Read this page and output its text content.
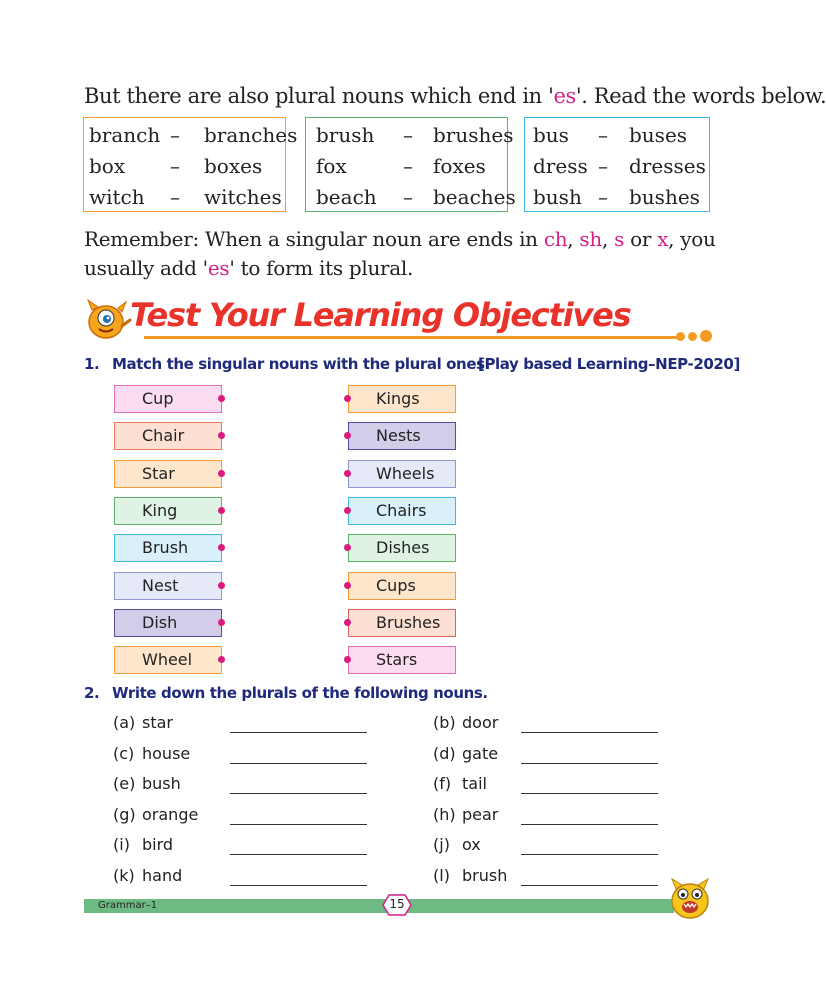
But there are also plural nouns which end in 'es'. Read the words below.
branch – branches
box – boxes
witch – witches
brush – brushes
fox	– foxes
beach – beaches
bus – buses
dress – dresses
bush – bushes
Remember: When a singular noun are ends in ch, sh, s or x, you usually add 'es' to form its plural.
Test Your Learning Objectives
1. Match the singular nouns with the plural ones.
[Play based Learning–NEP-2020]
Cup
Chair
Star
King
Brush
Nest
Dish
Wheel
Kings
Nests
Wheels
Chairs
Dishes
Cups
Brushes
Stars
2. Write down the plurals of the following nouns.
(a) star
(c) house
(e) bush
(g) orange
(i) bird
(k) hand
(b) door
(d) gate
(f) tail
(h) pear
(j) ox
(l) brush
Grammar–1	15
